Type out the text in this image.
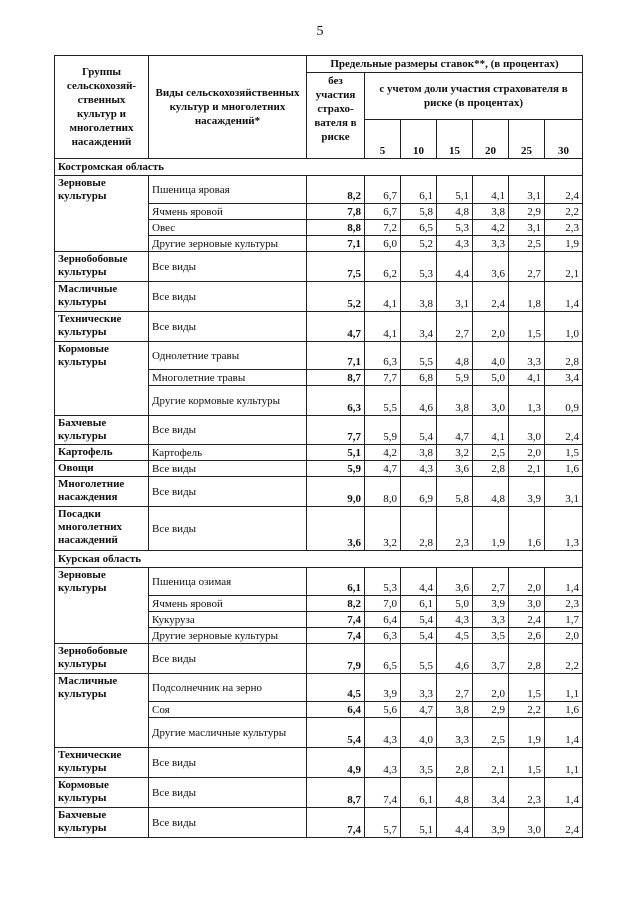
5
Группы сельскохозяй-ственных культур и многолетних насаждений	Виды сельскохозяйственных культур и многолетних насаждений*	Предельные размеры ставок**, (в процентах)						
		без участия страхо-вателя в риске	с учетом доли участия страхователя в риске (в процентах)					
			5	10	15	20	25	30
Костромская область								
Зерновые культуры	Пшеница яровая	8,2	6,7	6,1	5,1	4,1	3,1	2,4
	Ячмень яровой	7,8	6,7	5,8	4,8	3,8	2,9	2,2
	Овес	8,8	7,2	6,5	5,3	4,2	3,1	2,3
	Другие зерновые культуры	7,1	6,0	5,2	4,3	3,3	2,5	1,9
Зернобобовые культуры	Все виды	7,5	6,2	5,3	4,4	3,6	2,7	2,1
Масличные культуры	Все виды	5,2	4,1	3,8	3,1	2,4	1,8	1,4
Технические культуры	Все виды	4,7	4,1	3,4	2,7	2,0	1,5	1,0
Кормовые культуры	Однолетние травы	7,1	6,3	5,5	4,8	4,0	3,3	2,8
	Многолетние травы	8,7	7,7	6,8	5,9	5,0	4,1	3,4
	Другие кормовые культуры	6,3	5,5	4,6	3,8	3,0	1,3	0,9
Бахчевые культуры	Все виды	7,7	5,9	5,4	4,7	4,1	3,0	2,4
Картофель	Картофель	5,1	4,2	3,8	3,2	2,5	2,0	1,5
Овощи	Все виды	5,9	4,7	4,3	3,6	2,8	2,1	1,6
Многолетние насаждения	Все виды	9,0	8,0	6,9	5,8	4,8	3,9	3,1
Посадки многолетних насаждений	Все виды	3,6	3,2	2,8	2,3	1,9	1,6	1,3
Курская область								
Зерновые культуры	Пшеница озимая	6,1	5,3	4,4	3,6	2,7	2,0	1,4
	Ячмень яровой	8,2	7,0	6,1	5,0	3,9	3,0	2,3
	Кукуруза	7,4	6,4	5,4	4,3	3,3	2,4	1,7
	Другие зерновые культуры	7,4	6,3	5,4	4,5	3,5	2,6	2,0
Зернобобовые культуры	Все виды	7,9	6,5	5,5	4,6	3,7	2,8	2,2
Масличные культуры	Подсолнечник на зерно	4,5	3,9	3,3	2,7	2,0	1,5	1,1
	Соя	6,4	5,6	4,7	3,8	2,9	2,2	1,6
	Другие масличные культуры	5,4	4,3	4,0	3,3	2,5	1,9	1,4
Технические культуры	Все виды	4,9	4,3	3,5	2,8	2,1	1,5	1,1
Кормовые культуры	Все виды	8,7	7,4	6,1	4,8	3,4	2,3	1,4
Бахчевые культуры	Все виды	7,4	5,7	5,1	4,4	3,9	3,0	2,4
